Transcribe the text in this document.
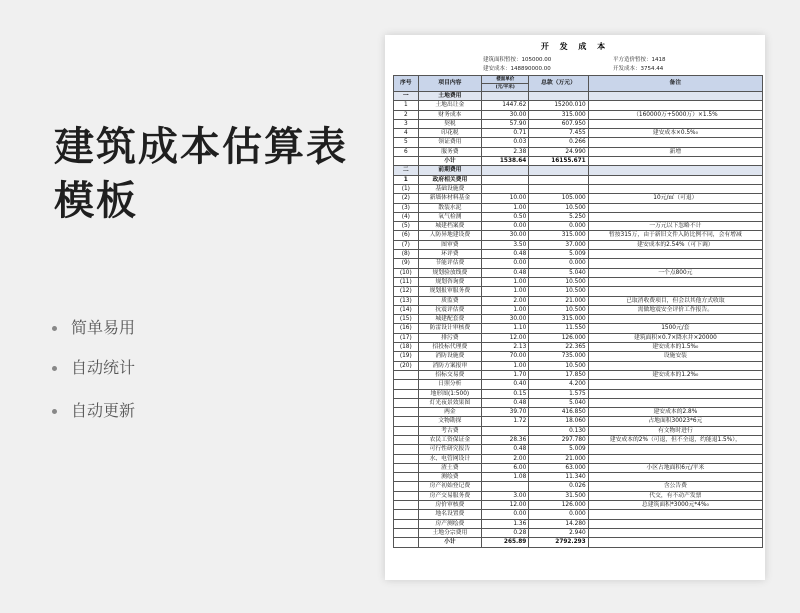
建筑成本估算表模板
简单易用
自动统计
自动更新
开 发 成 本
建筑面积暂按：105000.00	平方造价暂按：1418
建安成本：148890000.00	开发成本：3754.44
序号	项目内容	楼面单价	总款（万元）	备注
		(元/平米)		
一	土地费用			
1	土地出让金	1447.62	15200.010	
2	财务成本	30.00	315.000	（160000万+5000万）×1.5%
3	契税	57.90	607.950	
4	印花税	0.71	7.455	建安成本×0.5%₀
5	领证费用	0.03	0.266	
6	服务费	2.38	24.990	新增
	小计	1538.64	16155.671	
二	前期费用			
1	政府相关费用			
(1)	基础设施费			
(2)	新墙体材料基金	10.00	105.000	10元/㎡（可退）
(3)	散装水泥	1.00	10.500	
(4)	氧气检测	0.50	5.250	
(5)	城建档案费	0.00	0.000	一万元以下忽略不计
(6)	人防异地建设费	30.00	315.000	暂按315万，由于新旧文件入防比例不同，会有增减
(7)	图审费	3.50	37.000	建安成本的2.54%（可下调）
(8)	环评费	0.48	5.009	
(9)	节能评估费	0.00	0.000	
(10)	规划验放线费	0.48	5.040	一个点800元
(11)	规划咨询费	1.00	10.500	
(12)	规划报审服务费	1.00	10.500	
(13)	质监费	2.00	21.000	已取消收费项目，但会以其他方式收取
(14)	抗震评估费	1.00	10.500	需做地震安全评价工作报告。
(15)	城建配套费	30.00	315.000	
(16)	防雷设计审核费	1.10	11.550	1500元/套
(17)	排污费	12.00	126.000	建筑面积×0.7×降水井×20000
(18)	招投标代理费	2.13	22.365	建安成本的1.5%₀
(19)	消防设施费	70.00	735.000	设施安装
(20)	消防方案报审	1.00	10.500	
	招标交易费	1.70	17.850	建安成本的1.2%₀
	日照分析	0.40	4.200	
	地形图(1:500)	0.15	1.575	
	灯光夜景效果图	0.48	5.040	
	两金	39.70	416.850	建安成本的2.8%
	文物勘探	1.72	18.060	占地面积30023*6元
	考古费		0.130	有文物时进行
	农民工资保证金	28.36	297.780	建安成本的2%（可退，但不全退，约能退1.5%），
	可行性研究报告	0.48	5.009	
	水、电管网设计	2.00	21.000	
	渣土费	6.00	63.000	小区占地面积6元/平米
	测绘费	1.08	11.340	
	房产初始登记费		0.026	含公告费
	房产交易服务费	3.00	31.500	代交，有不动产发票
	房价审核费	12.00	126.000	总建筑面积*3000元*4%₀
	地名设置费	0.00	0.000	
	房产测绘费	1.36	14.280	
	土地分宗费用	0.28	2.940	
	小计	265.89	2792.293	
